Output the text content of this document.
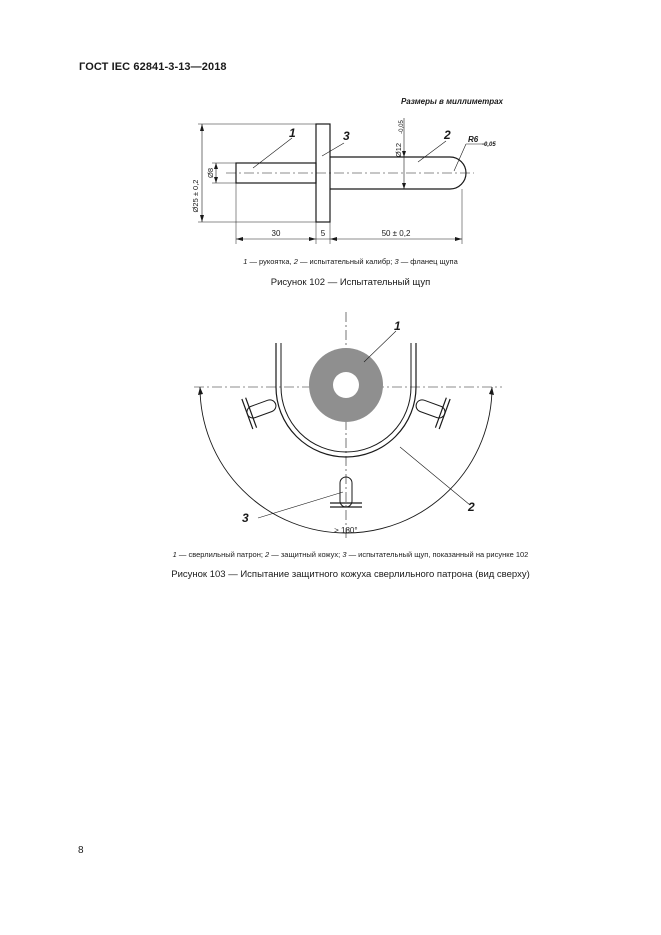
ГОСТ IEC 62841-3-13—2018
Размеры в миллиметрах
1	3	2 R6
-0,05
Ø25 ± 0,2
Ø8
Ø12
-0,05
30	5	50 ± 0,2
1
2
3
≥ 180°
1 — рукоятка, 2 — испытательный калибр; 3 — фланец щупа
Рисунок 102 — Испытательный щуп
1 — сверлильный патрон; 2 — защитный кожух; 3 — испытательный щуп, показанный на рисунке 102
Рисунок 103 — Испытание защитного кожуха сверлильного патрона (вид сверху)
8
